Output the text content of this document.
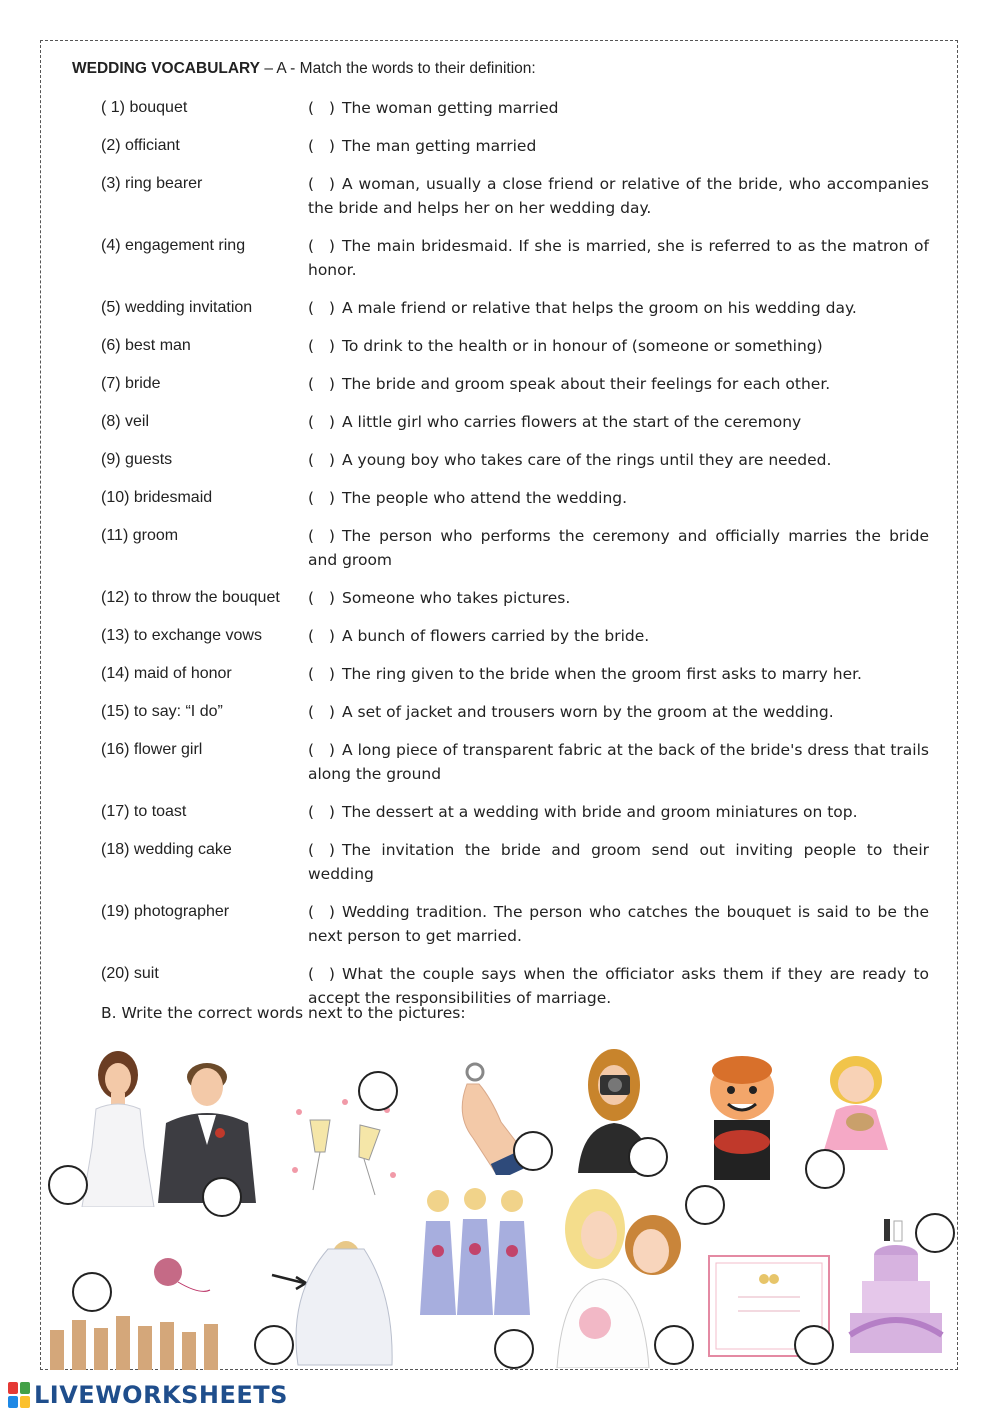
WEDDING VOCABULARY – A - Match the words to their definition:
( 1) bouquet	(   ) The woman getting married
(2) officiant	(   ) The man getting married
(3) ring bearer	(   ) A woman, usually a close friend or relative of the bride, who accompanies the bride and helps her on her wedding day.
(4) engagement ring	(   ) The main bridesmaid. If she is married, she is referred to as the matron of honor.
(5) wedding invitation	(   ) A male friend or relative that helps the groom on his wedding day.
(6) best man	(   ) To drink to the health or in honour of (someone or something)
(7) bride	(   ) The bride and groom speak about their feelings for each other.
(8) veil	(   ) A little girl who carries flowers at the start of the ceremony
(9) guests	(   ) A young boy who takes care of the rings until they are needed.
(10) bridesmaid	(   ) The people who attend the wedding.
(11) groom	(   ) The person who performs the ceremony and officially marries the bride and groom
(12) to throw the bouquet	(   ) Someone who takes pictures.
(13) to exchange vows	(   ) A bunch of flowers carried by the bride.
(14) maid of honor	(   ) The ring given to the bride when the groom first asks to marry her.
(15) to say: “I do”	(   ) A set of jacket and trousers worn by the groom at the wedding.
(16) flower girl	(   ) A long piece of transparent fabric at the back of the bride's dress that trails along the ground
(17) to toast	(   ) The dessert at a wedding with bride and groom miniatures on top.
(18) wedding cake	(   ) The invitation the bride and groom send out inviting people to their wedding
(19) photographer	(   ) Wedding tradition. The person who catches the bouquet is said to be the next person to get married.
(20) suit	(   ) What the couple says when the officiator asks them if they are ready to accept the responsibilities of marriage.
B. Write the correct words next to the pictures:
LIVEWORKSHEETS
